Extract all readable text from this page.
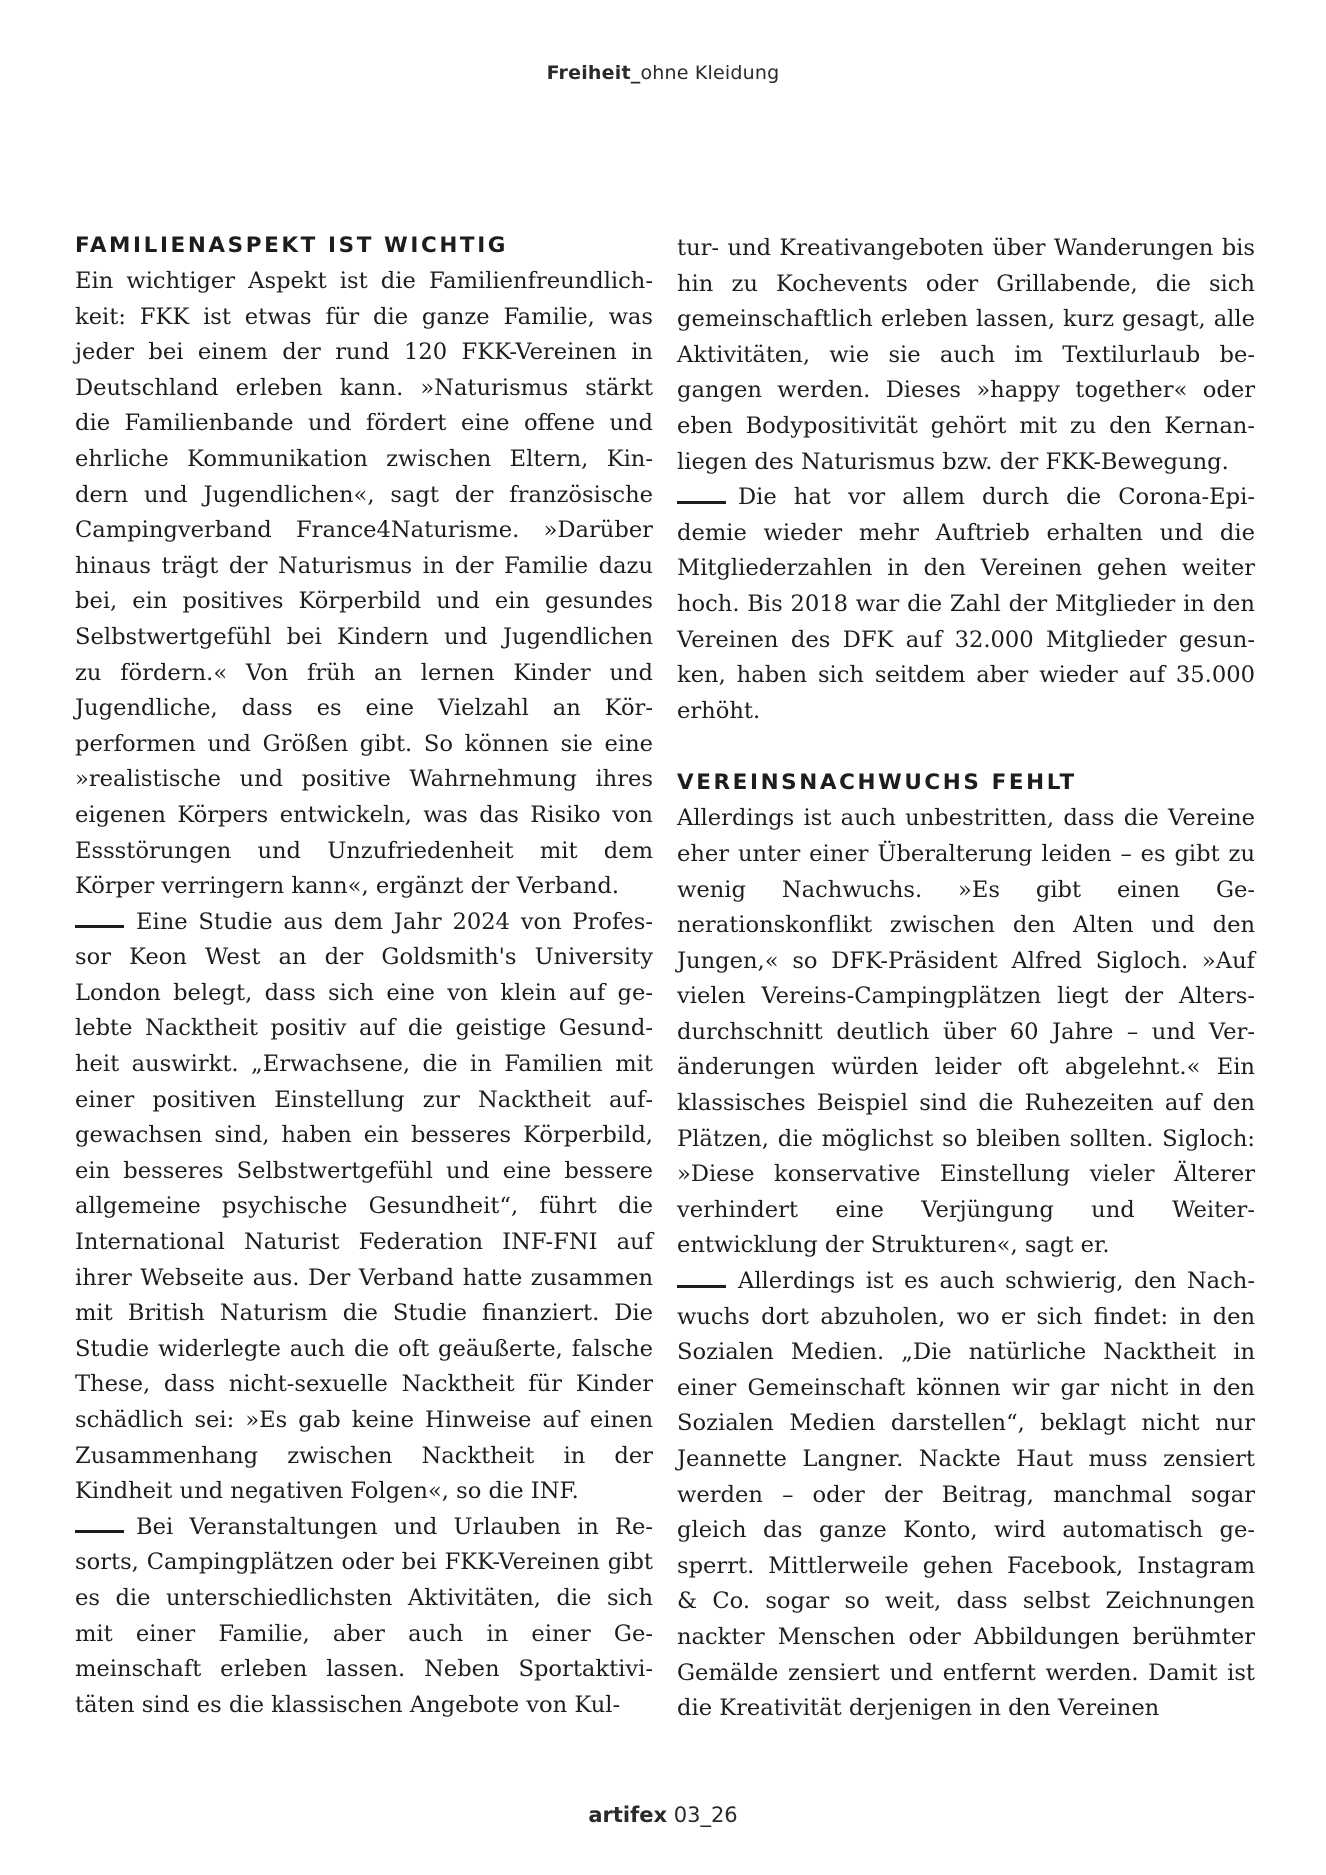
Freiheit_ohne Kleidung
FAMILIENASPEKT IST WICHTIG

Ein wichtiger Aspekt ist die Familienfreundlichkeit: FKK ist etwas für die ganze Familie, was jeder bei einem der rund 120 FKK-Vereinen in Deutschland erleben kann. »Naturismus stärkt die Familienbande und fördert eine offene und ehrliche Kommunikation zwischen Eltern, Kindern und Jugendlichen«, sagt der französische Campingverband France4Naturisme. »Darüber hinaus trägt der Naturismus in der Familie dazu bei, ein positives Körperbild und ein gesundes Selbstwertgefühl bei Kindern und Jugendlichen zu fördern.« Von früh an lernen Kinder und Jugendliche, dass es eine Vielzahl an Körperformen und Größen gibt. So können sie eine »realistische und positive Wahrnehmung ihres eigenen Körpers entwickeln, was das Risiko von Essstörungen und Unzufriedenheit mit dem Körper verringern kann«, ergänzt der Verband.

Eine Studie aus dem Jahr 2024 von Professor Keon West an der Goldsmith's University London belegt, dass sich eine von klein auf gelebte Nacktheit positiv auf die geistige Gesundheit auswirkt. „Erwachsene, die in Familien mit einer positiven Einstellung zur Nacktheit aufgewachsen sind, haben ein besseres Körperbild, ein besseres Selbstwertgefühl und eine bessere allgemeine psychische Gesundheit“, führt die International Naturist Federation INF-FNI auf ihrer Webseite aus. Der Verband hatte zusammen mit British Naturism die Studie finanziert. Die Studie widerlegte auch die oft geäußerte, falsche These, dass nicht-sexuelle Nacktheit für Kinder schädlich sei: »Es gab keine Hinweise auf einen Zusammenhang zwischen Nacktheit in der Kindheit und negativen Folgen«, so die INF.

Bei Veranstaltungen und Urlauben in Resorts, Campingplätzen oder bei FKK-Vereinen gibt es die unterschiedlichsten Aktivitäten, die sich mit einer Familie, aber auch in einer Gemeinschaft erleben lassen. Neben Sportaktivitäten sind es die klassischen Angebote von Kul-

tur- und Kreativangeboten über Wanderungen bis hin zu Kochevents oder Grillabende, die sich gemeinschaftlich erleben lassen, kurz gesagt, alle Aktivitäten, wie sie auch im Textilurlaub begangen werden. Dieses »happy together« oder eben Bodypositivität gehört mit zu den Kernanliegen des Naturismus bzw. der FKK-Bewegung.

Die hat vor allem durch die Corona-Epidemie wieder mehr Auftrieb erhalten und die Mitgliederzahlen in den Vereinen gehen weiter hoch. Bis 2018 war die Zahl der Mitglieder in den Vereinen des DFK auf 32.000 Mitglieder gesunken, haben sich seitdem aber wieder auf 35.000 erhöht.

VEREINSNACHWUCHS FEHLT

Allerdings ist auch unbestritten, dass die Vereine eher unter einer Überalterung leiden – es gibt zu wenig Nachwuchs. »Es gibt einen Generationskonflikt zwischen den Alten und den Jungen,« so DFK-Präsident Alfred Sigloch. »Auf vielen Vereins-Campingplätzen liegt der Altersdurchschnitt deutlich über 60 Jahre – und Veränderungen würden leider oft abgelehnt.« Ein klassisches Beispiel sind die Ruhezeiten auf den Plätzen, die möglichst so bleiben sollten. Sigloch: »Diese konservative Einstellung vieler Älterer verhindert eine Verjüngung und Weiterentwicklung der Strukturen«, sagt er.

Allerdings ist es auch schwierig, den Nachwuchs dort abzuholen, wo er sich findet: in den Sozialen Medien. „Die natürliche Nacktheit in einer Gemeinschaft können wir gar nicht in den Sozialen Medien darstellen“, beklagt nicht nur Jeannette Langner. Nackte Haut muss zensiert werden – oder der Beitrag, manchmal sogar gleich das ganze Konto, wird automatisch gesperrt. Mittlerweile gehen Facebook, Instagram & Co. sogar so weit, dass selbst Zeichnungen nackter Menschen oder Abbildungen berühmter Gemälde zensiert und entfernt werden. Damit ist die Kreativität derjenigen in den Vereinen

artifex 03_26
